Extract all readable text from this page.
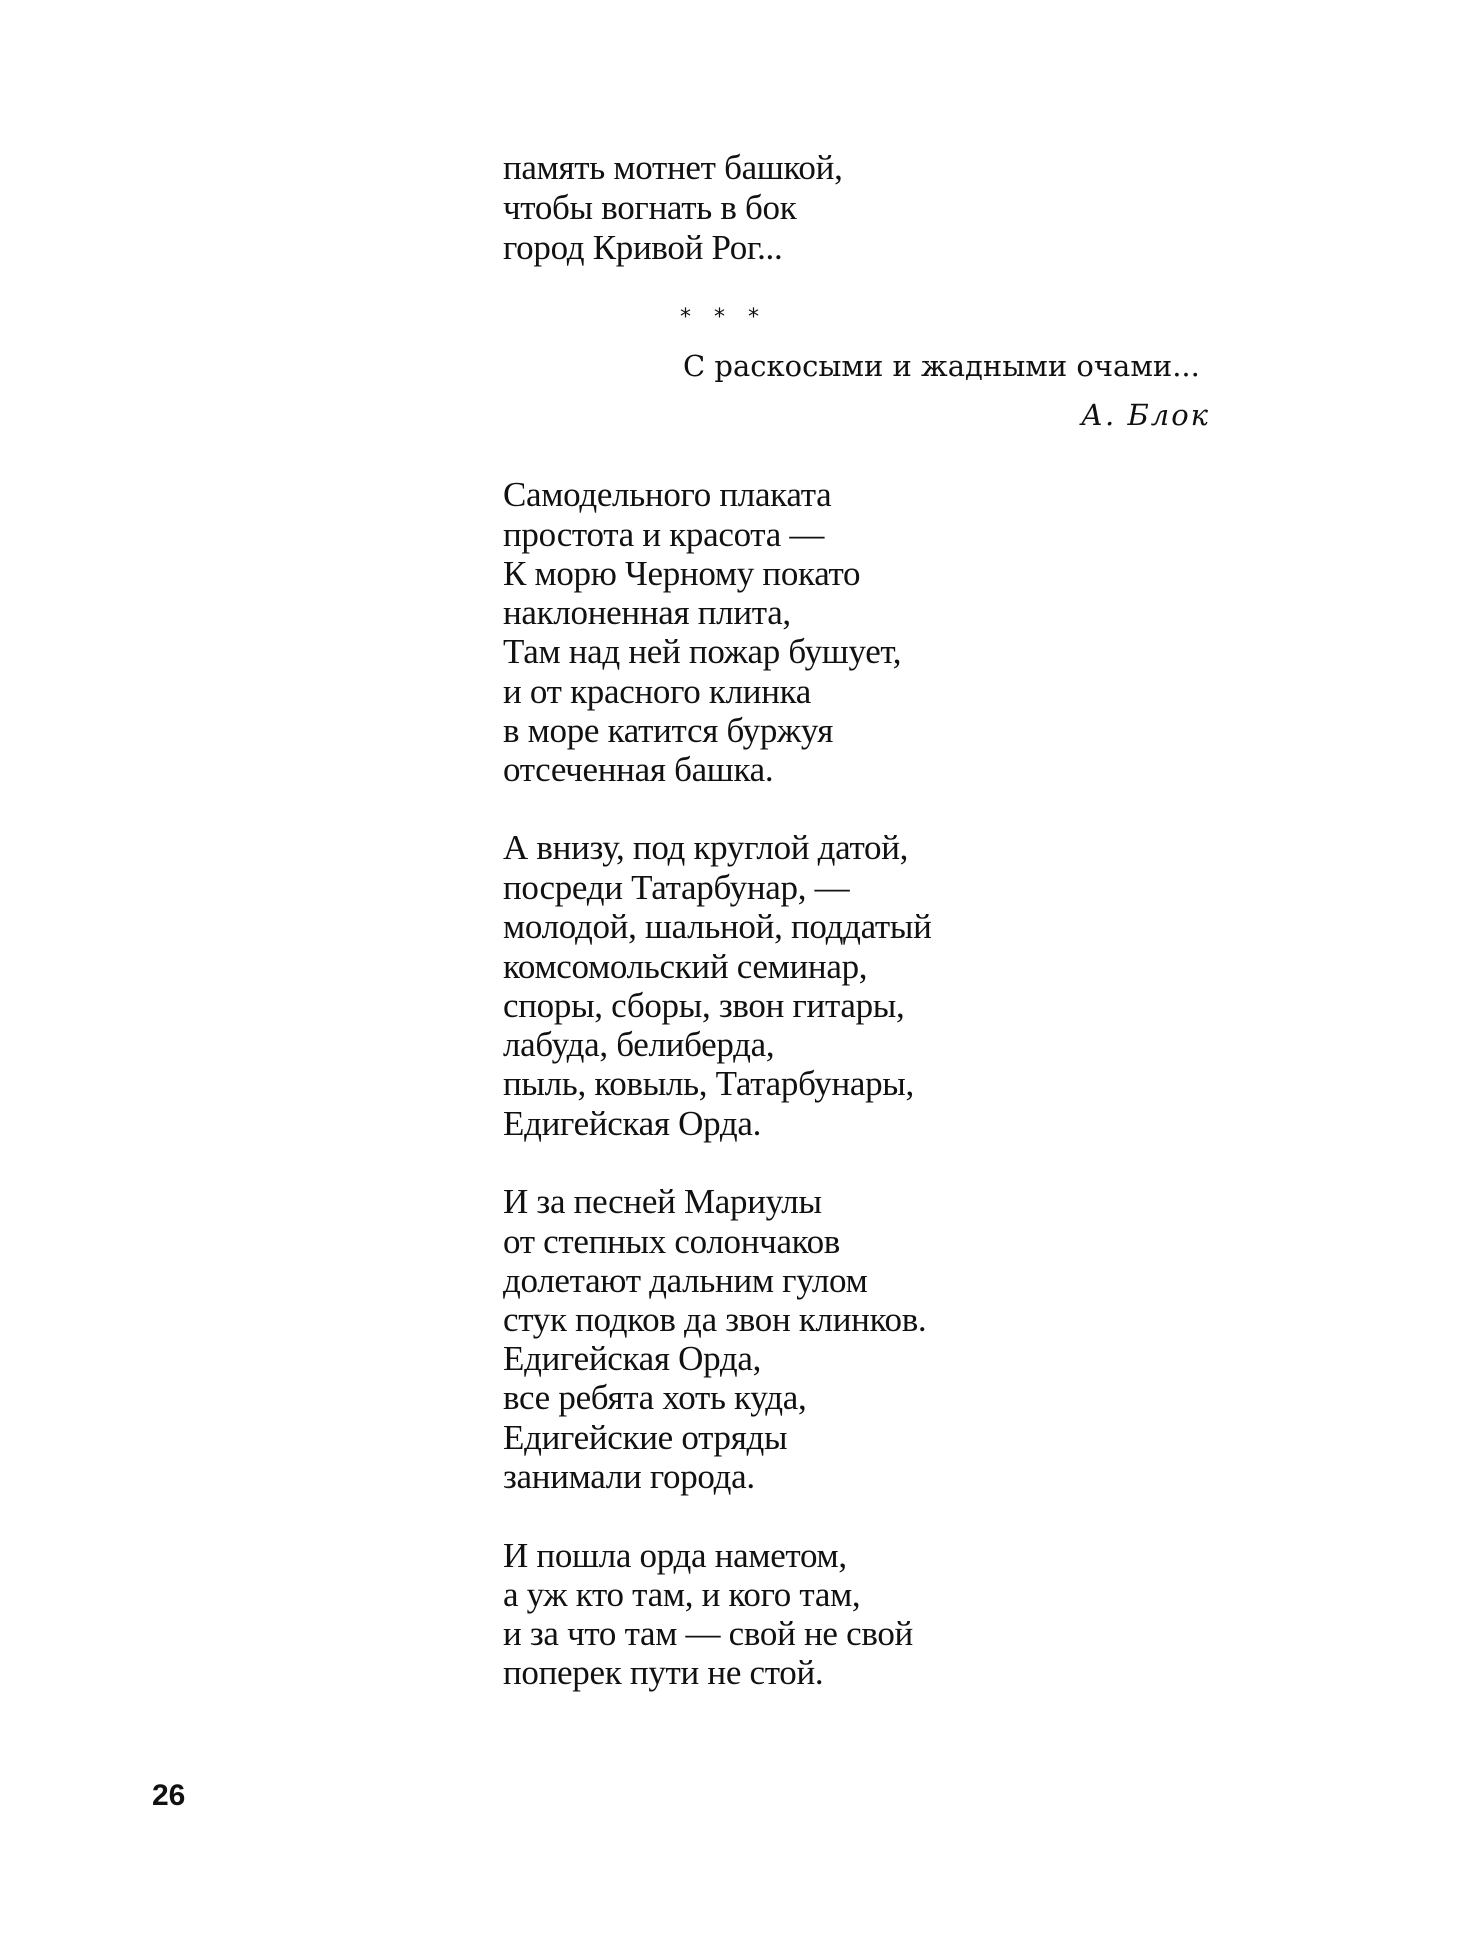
память мотнет башкой,
чтобы вогнать в бок
город Кривой Рог...
* * *
С раскосыми и жадными очами...
А. Блок
Самодельного плаката
простота и красота —
К морю Черному покато
наклоненная плита,
Там над ней пожар бушует,
и от красного клинка
в море катится буржуя
отсеченная башка.
А внизу, под круглой датой,
посреди Татарбунар, —
молодой, шальной, поддатый
комсомольский семинар,
споры, сборы, звон гитары,
лабуда, белиберда,
пыль, ковыль, Татарбунары,
Едигейская Орда.
И за песней Мариулы
от степных солончаков
долетают дальним гулом
стук подков да звон клинков.
Едигейская Орда,
все ребята хоть куда,
Едигейские отряды
занимали города.
И пошла орда наметом,
а уж кто там, и кого там,
и за что там — свой не свой
поперек пути не стой.
26
